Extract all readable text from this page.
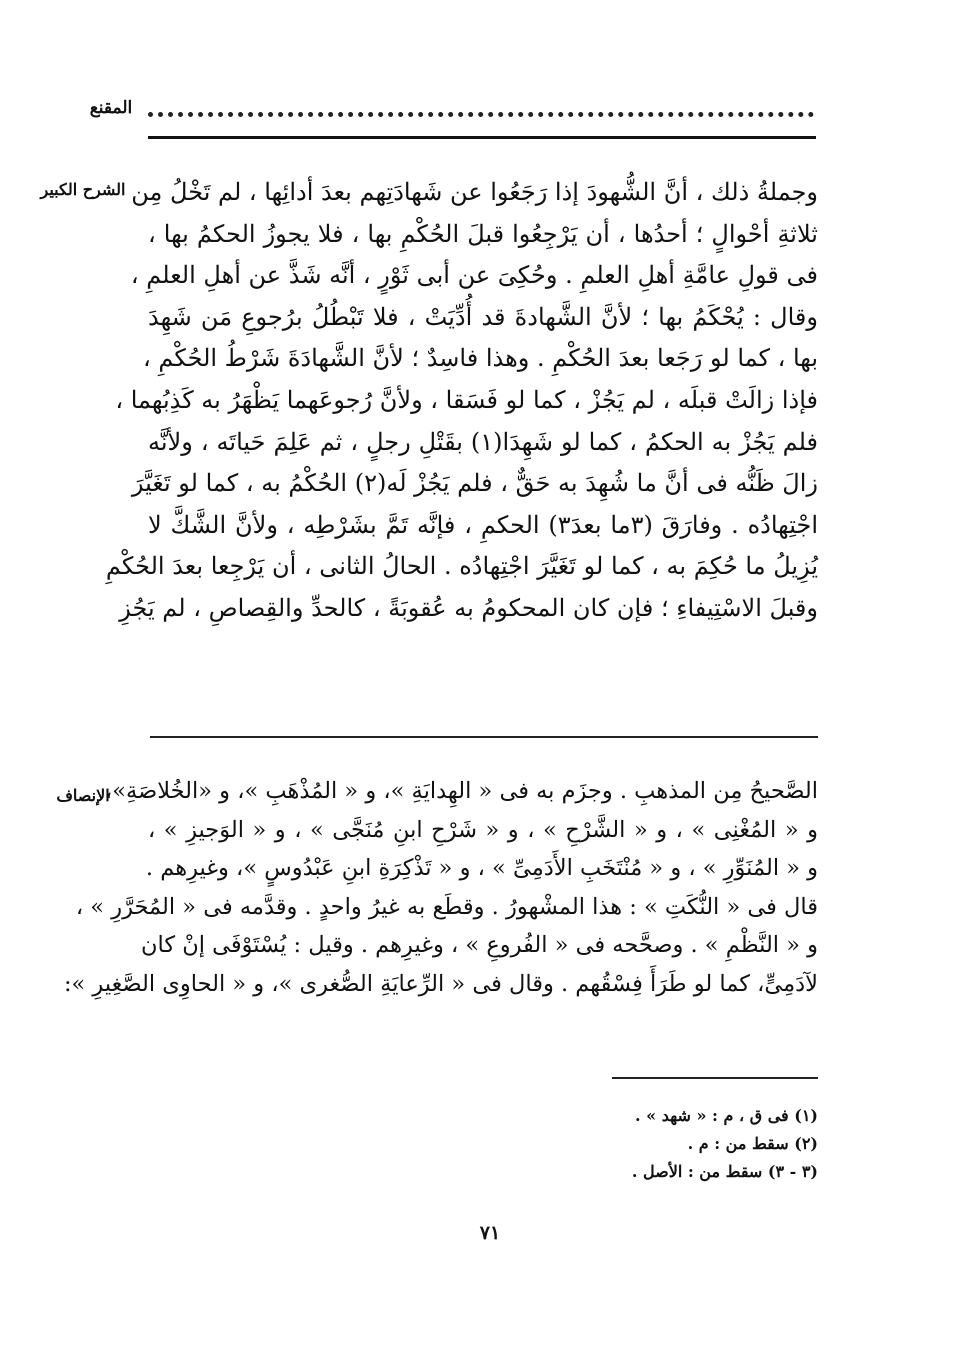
المقنع
الشرح الكبير وجملةُ ذلك ، أنَّ الشُّهودَ إذا رَجَعُوا عن شَهادَتِهم بعدَ أدائِها ، لم تَخْلُ مِن
ثلاثةِ أحْوالٍ ؛ أحدُها ، أن يَرْجِعُوا قبلَ الحُكْمِ بها ، فلا يجوزُ الحكمُ بها ،
فى قولِ عامَّةِ أهلِ العلمِ . وحُكِىَ عن أبى ثَوْرٍ ، أنَّه شَذَّ عن أهلِ العلمِ ،
وقال : يُحْكَمُ بها ؛ لأنَّ الشَّهادةَ قد أُدِّيَتْ ، فلا تَبْطُلُ برُجوعِ مَن شَهِدَ
بها ، كما لو رَجَعا بعدَ الحُكْمِ . وهذا فاسِدٌ ؛ لأنَّ الشَّهادَةَ شَرْطُ الحُكْمِ ،
فإذا زالَتْ قبلَه ، لم يَجُزْ ، كما لو فَسَقا ، ولأنَّ رُجوعَهما يَظْهَرُ به كَذِبُهما ،
فلم يَجُزْ به الحكمُ ، كما لو شَهِدَا(١) بقَتْلِ رجلٍ ، ثم عَلِمَ حَياتَه ، ولأنَّه
زالَ ظَنُّه فى أنَّ ما شُهِدَ به حَقٌّ ، فلم يَجُزْ لَه(٢) الحُكْمُ به ، كما لو تَغَيَّرَ
اجْتِهادُه . وفارَقَ (٣ما بعدَ٣) الحكمِ ، فإنَّه تَمَّ بشَرْطِه ، ولأنَّ الشَّكَّ لا
يُزِيلُ ما حُكِمَ به ، كما لو تَغَيَّرَ اجْتِهادُه . الحالُ الثانى ، أن يَرْجِعا بعدَ الحُكْمِ
وقبلَ الاسْتِيفاءِ ؛ فإن كان المحكومُ به عُقوبَةً ، كالحدِّ والقِصاصِ ، لم يَجُزِ
الإنصاف
الصَّحيحُ مِن المذهبِ . وجزَم به فى « الهِدايَةِ »، و « المُذْهَبِ »، و «الخُلاصَةِ»،
و « المُغْنِى » ، و « الشَّرْحِ » ، و « شَرْحِ ابنِ مُنَجَّى » ، و « الوَجيزِ » ،
و « المُنَوِّرِ » ، و « مُنْتَخَبِ الأَدَمِىِّ » ، و « تَذْكِرَةِ ابنِ عَبْدُوسٍ »، وغيرِهم .
قال فى « النُّكَتِ » : هذا المشْهورُ . وقطَع به غيرُ واحدٍ . وقدَّمه فى « المُحَرَّرِ » ،
و « النَّظْمِ » . وصحَّحه فى « الفُروعِ » ، وغيرِهم . وقيل : يُسْتَوْفَى إنْ كان
لآدَمِىٍّ، كما لو طَرَأَ فِسْقُهم . وقال فى « الرِّعايَةِ الصُّغرى »، و « الحاوِى الصَّغِيرِ »:
(١) فى ق ، م : « شهد » .
(٢) سقط من : م .
(٣ - ٣) سقط من : الأصل .
٧١
